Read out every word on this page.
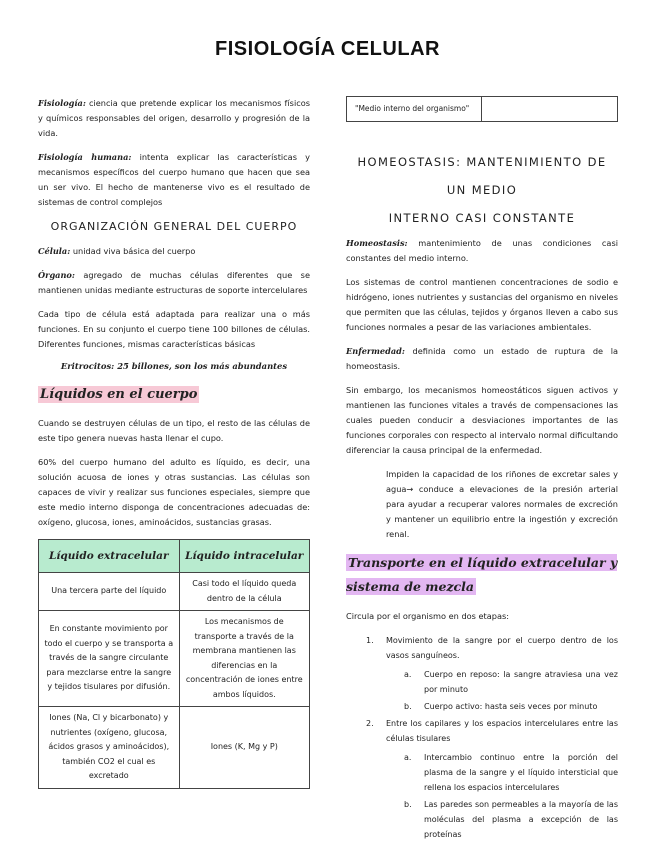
FISIOLOGÍA CELULAR

Fisiología: ciencia que pretende explicar los mecanismos físicos y químicos responsables del origen, desarrollo y progresión de la vida.

Fisiología humana: intenta explicar las características y mecanismos específicos del cuerpo humano que hacen que sea un ser vivo. El hecho de mantenerse vivo es el resultado de sistemas de control complejos

ORGANIZACIÓN GENERAL DEL CUERPO

Célula: unidad viva básica del cuerpo

Órgano: agregado de muchas células diferentes que se mantienen unidas mediante estructuras de soporte intercelulares

Cada tipo de célula está adaptada para realizar una o más funciones. En su conjunto el cuerpo tiene 100 billones de células. Diferentes funciones, mismas características básicas

Eritrocitos: 25 billones, son los más abundantes
Líquidos en el cuerpo

Cuando se destruyen células de un tipo, el resto de las células de este tipo genera nuevas hasta llenar el cupo.

60% del cuerpo humano del adulto es líquido, es decir, una solución acuosa de iones y otras sustancias. Las células son capaces de vivir y realizar sus funciones especiales, siempre que este medio interno disponga de concentraciones adecuadas de: oxígeno, glucosa, iones, aminoácidos, sustancias grasas.

Líquido extracelular	Líquido intracelular
Una tercera parte del líquido	Casi todo el líquido queda dentro de la célula
En constante movimiento por todo el cuerpo y se transporta a través de la sangre circulante para mezclarse entre la sangre y tejidos tisulares por difusión.	Los mecanismos de transporte a través de la membrana mantienen las diferencias en la concentración de iones entre ambos líquidos.
Iones (Na, Cl y bicarbonato) y nutrientes (oxígeno, glucosa, ácidos grasos y aminoácidos), también CO2 el cual es excretado	Iones (K, Mg y P)
"Medio interno del organismo"	
HOMEOSTASIS: MANTENIMIENTO DE UN MEDIO
INTERNO CASI CONSTANTE

Homeostasis: mantenimiento de unas condiciones casi constantes del medio interno.

Los sistemas de control mantienen concentraciones de sodio e hidrógeno, iones nutrientes y sustancias del organismo en niveles que permiten que las células, tejidos y órganos lleven a cabo sus funciones normales a pesar de las variaciones ambientales.

Enfermedad: definida como un estado de ruptura de la homeostasis.

Sin embargo, los mecanismos homeostáticos siguen activos y mantienen las funciones vitales a través de compensaciones las cuales pueden conducir a desviaciones importantes de las funciones corporales con respecto al intervalo normal dificultando diferenciar la causa principal de la enfermedad.

Impiden la capacidad de los riñones de excretar sales y agua→ conduce a elevaciones de la presión arterial para ayudar a recuperar valores normales de excreción y mantener un equilibrio entre la ingestión y excreción renal.

Transporte en el líquido extracelular y sistema de mezcla

Circula por el organismo en dos etapas:

1. Movimiento de la sangre por el cuerpo dentro de los vasos sanguíneos.
a. Cuerpo en reposo: la sangre atraviesa una vez por minuto
b. Cuerpo activo: hasta seis veces por minuto
2. Entre los capilares y los espacios intercelulares entre las células tisulares
a. Intercambio continuo entre la porción del plasma de la sangre y el líquido intersticial que rellena los espacios intercelulares
b. Las paredes son permeables a la mayoría de las moléculas del plasma a excepción de las proteínas
